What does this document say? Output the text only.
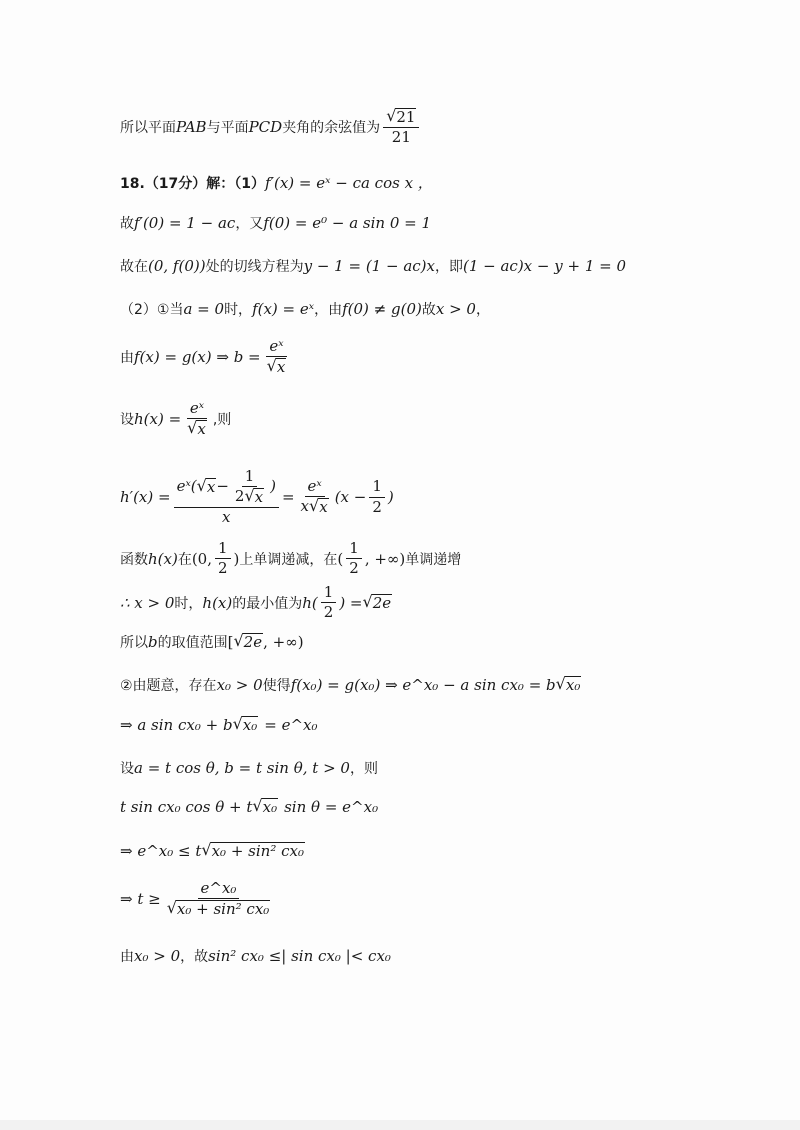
所以平面 PAB 与平面 PCD 夹角的余弦值为 $\frac{√ 21}{21}$
18.（17分）解：（1） f′(x) = eˣ − ca cos x ，
故 f′(0) = 1 − ac ，又 f(0) = e⁰ − a sin 0 = 1
故在 (0, f(0)) 处的切线方程为 y − 1 = (1 − ac)x ，即 (1 − ac)x − y + 1 = 0
（2）①当 a = 0 时， f(x) = eˣ ，由 f(0) ≠ g(0) 故 x > 0 ，
由 f(x) = g(x) ⇒ $b = \frac{\text{eˣ}}{√ x}$
设 $h(x) = \frac{\text{eˣ}}{√ x}$ ,则
h′(x) =
eˣ( √ $x - \frac{1}{2 √ x}$ )
x
= $\frac{\text{eˣ}}{x √ x} (x - \frac{1}{2}$ )
函数 h(x) 在 (0, $\frac{1}{2}$ ) 上单调递减，在 ( $\frac{1}{2}$ , +∞) 单调递增
∴ x > 0 时， h(x) 的最小值为 $h( \frac{1}{2}$ ) = √ 2e
所以 b 的取值范围 [ √ 2e , +∞)
②由题意，存在 x₀ > 0 使得 f(x₀) = g(x₀) ⇒ e^x₀ − a sin cx₀ = b √ x₀
⇒ a sin cx₀ + b √ x₀ = e^x₀
设 a = t cos θ, b = t sin θ, t > 0 ，则
t sin cx₀ cos θ + t √ x₀ sin θ = e^x₀
⇒ e^x₀ ≤ t √ x₀ + sin² cx₀
⇒ $t \ge \frac{\text{e\textasciicircum{}x₀}}{\text{√ x₀ + sin² cx₀}}$
由 x₀ > 0 ，故 sin² cx₀ ≤| sin cx₀ |< cx₀
